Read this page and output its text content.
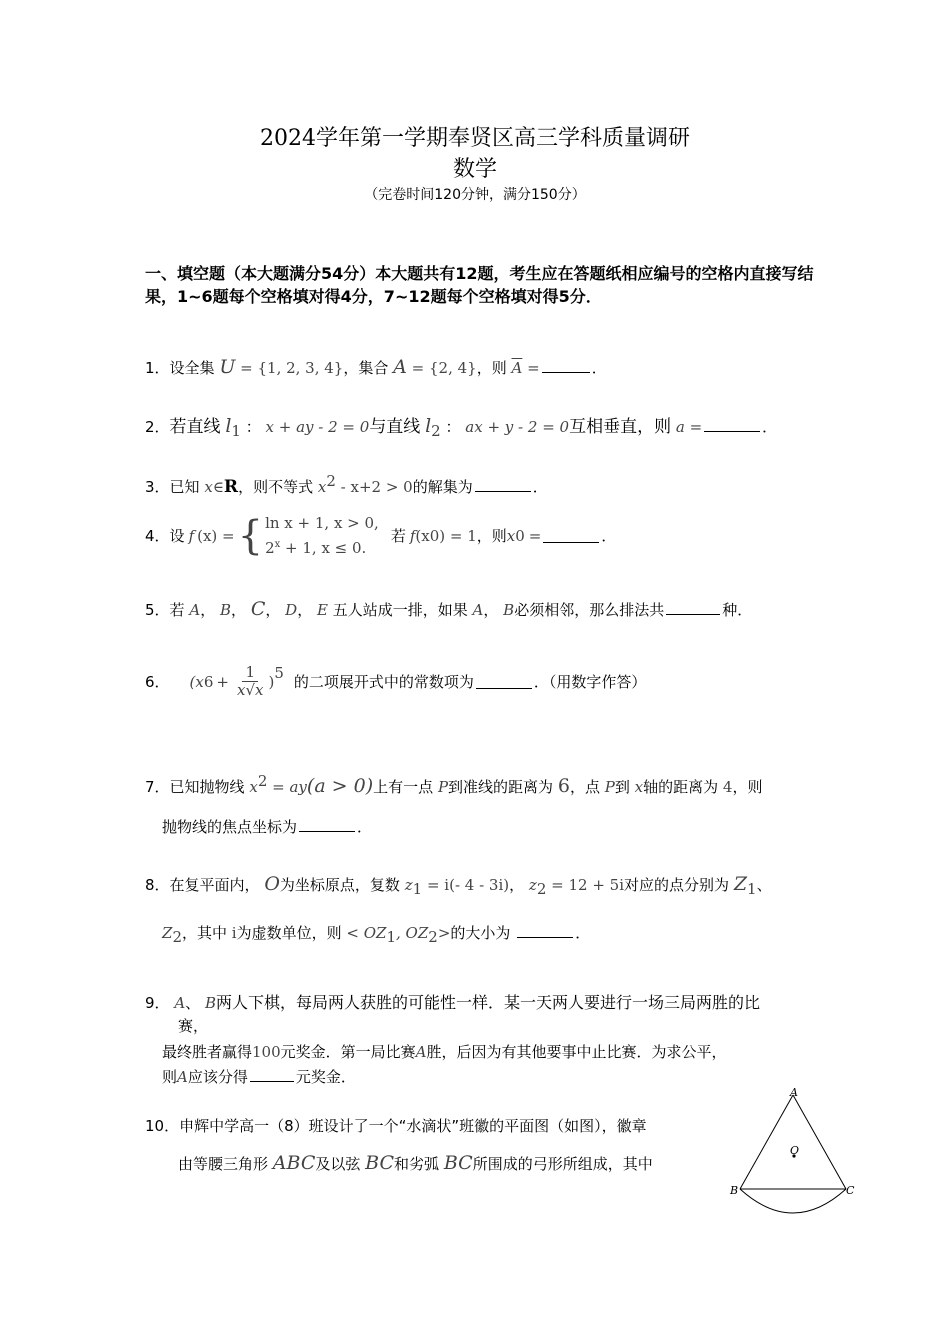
2024学年第一学期奉贤区高三学科质量调研
数学
（完卷时间120分钟，满分150分）
一、填空题（本大题满分54分）本大题共有12题，考生应在答题纸相应编号的空格内直接写结果，1~6题每个空格填对得4分，7~12题每个空格填对得5分．
1．设全集 U = {1, 2, 3, 4}，集合 A = {2, 4}，则 $\overline{A}$ =	．
2．若直线 $l_1$ ： x + ay - 2 = 0与直线 $l_2$ ： ax + y - 2 = 0互相垂直，则 a =	．
3．已知 x∈R，则不等式 $x^2 - x+2 > 0$的解集为	．
4． 设 f (x) = { ln x + 1, x > 0,
$2^x + 1$, x ≤ 0.
若 f (x 0 ) = 1 ，则 x 0 =	．
5．若 A， B， C， D， E 五人站成一排，如果 A， B必须相邻，那么排法共	种．
6． (x $6 + \frac{1}{x√x}$ ) 5 的二项展开式中的常数项为	．（用数字作答）
7．已知抛物线 $x^2 = ay(a > 0)$上有一点 P到准线的距离为 6，点 P到 x轴的距离为 4，则
抛物线的焦点坐标为	．
8．在复平面内， O为坐标原点，复数 $z_1 = i(-$ 4 - 3i)， $z_2 = 12 + 5i$对应的点分别为 $Z_1$、
$Z_2$，其中 i为虚数单位，则 < $OZ_1$, $OZ_2>$的大小为	．
9． A、 B两人下棋，每局两人获胜的可能性一样．某一天两人要进行一场三局两胜的比
赛，
最终胜者赢得100元奖金．第一局比赛A胜，后因为有其他要事中止比赛．为求公平，
则A应该分得	元奖金．
10．申辉中学高一（8）班设计了一个“水滴状”班徽的平面图（如图），徽章
由等腰三角形 ABC及以弦 BC和劣弧 BC所围成的弓形所组成，其中
A
B	C
O
